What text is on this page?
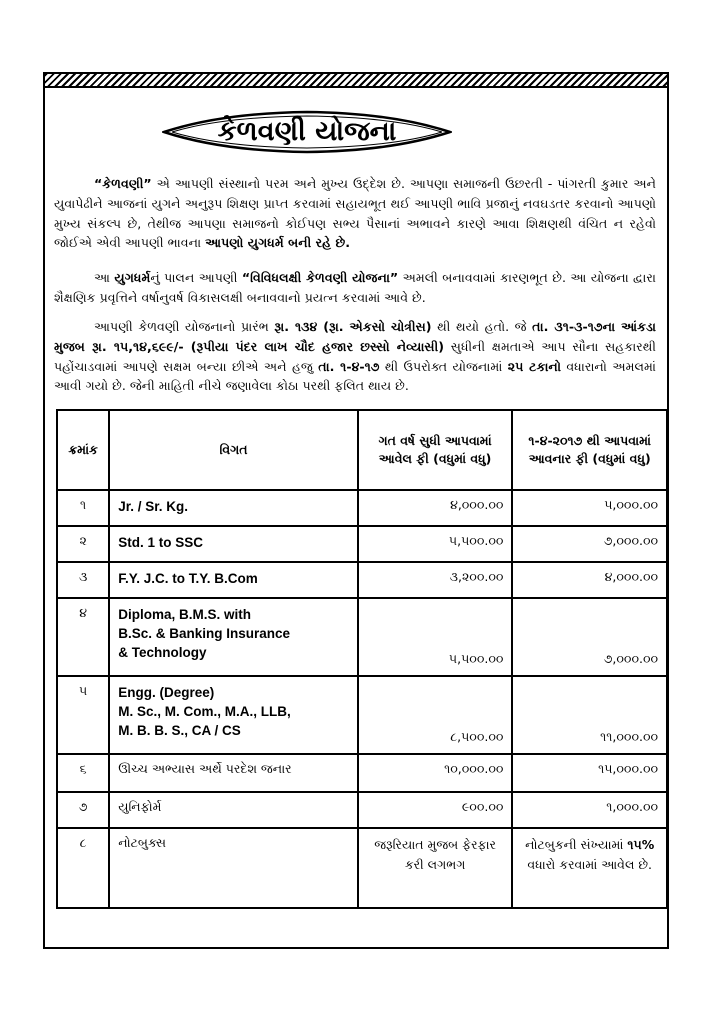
કેળવણી યોજના
“કેળવણી” એ આપણી સંસ્થાનો પરમ અને મુખ્ય ઉદ્દેશ છે. આપણા સમાજની ઉછરતી - પાંગરતી કુમાર અને યુવાપેઢીને આજનાં યુગને અનુરૂપ શિક્ષણ પ્રાપ્ત કરવામાં સહાયભૂત થઈ આપણી ભાવિ પ્રજાનું નવઘડતર કરવાનો આપણો મુખ્ય સંકલ્પ છે, તેથીજ આપણા સમાજનો કોઈપણ સભ્ય પૈસાનાં અભાવને કારણે આવા શિક્ષણથી વંચિત ન રહેવો જોઈએ એવી આપણી ભાવના આપણો યુગધર્મ બની રહે છે.
આ યુગધર્મનું પાલન આપણી “વિવિધલક્ષી કેળવણી યોજના” અમલી બનાવવામાં કારણભૂત છે. આ યોજના દ્વારા શૈક્ષણિક પ્રવૃત્તિને વર્ષાનુવર્ષ વિકાસલક્ષી બનાવવાનો પ્રયત્ન કરવામાં આવે છે.
આપણી કેળવણી યોજનાનો પ્રારંભ રૂા. ૧૩૪ (રૂા. એકસો ચોત્રીસ) થી થયો હતો. જે તા. ૩૧-૩-૧૭ના આંકડા મુજબ રૂા. ૧૫,૧૪,૬૯૯/- (રૂપીયા પંદર લાખ ચૌદ હજાર છસ્સો નેવ્યાસી) સુધીની ક્ષમતાએ આપ સૌના સહકારથી પહોંચાડવામાં આપણે સક્ષમ બન્યા છીએ અને હજુ તા. ૧-૪-૧૭ થી ઉપરોક્ત યોજનામાં ૨૫ ટકાનો વધારાનો અમલમાં આવી ગયો છે. જેની માહિતી નીચે જણાવેલા કોઠા પરથી ફલિત થાય છે.
ક્રમાંક	વિગત	ગત વર્ષ સુધી આપવામાં આવેલ ફી (વધુમાં વધુ)	૧-૪-૨૦૧૭ થી આપવામાં આવનાર ફી (વધુમાં વધુ)
૧	Jr. / Sr. Kg.	૪,૦૦૦.૦૦	૫,૦૦૦.૦૦
૨	Std. 1 to SSC	૫,૫૦૦.૦૦	૭,૦૦૦.૦૦
૩	F.Y. J.C. to T.Y. B.Com	૩,૨૦૦.૦૦	૪,૦૦૦.૦૦
૪	Diploma, B.M.S. with
B.Sc. & Banking Insurance
& Technology	૫,૫૦૦.૦૦	૭,૦૦૦.૦૦
૫	Engg. (Degree)
M. Sc., M. Com., M.A., LLB,
M. B. B. S., CA / CS	૮,૫૦૦.૦૦	૧૧,૦૦૦.૦૦
૬	ઊચ્ચ અભ્યાસ અર્થે પરદેશ જનાર	૧૦,૦૦૦.૦૦	૧૫,૦૦૦.૦૦
૭	યુનિફોર્મ	૯૦૦.૦૦	૧,૦૦૦.૦૦
૮	નોટબુક્સ	જરૂરિયાત મુજબ ફેરફાર કરી લગભગ	નોટબુકની સંખ્યામાં ૧૫% વધારો કરવામાં આવેલ છે.
